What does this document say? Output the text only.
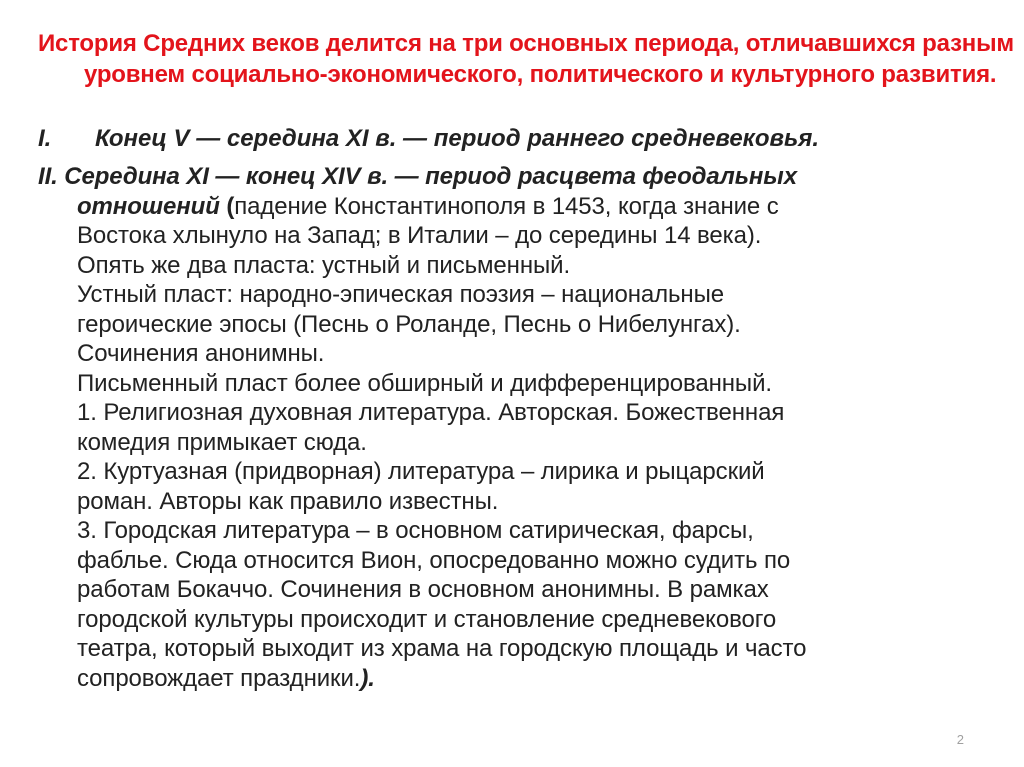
История Средних веков делится на три основных периода, отличавшихся разным уровнем социально-экономического, политического и культурного развития.
I. Конец V — середина XI в. — период раннего средневековья.
II. Середина XI — конец XIV в. — период расцвета феодальных
отношений (падение Константинополя в 1453, когда знание с
Востока хлынуло на Запад; в Италии – до середины 14 века).
Опять же два пласта: устный и письменный.
Устный пласт: народно-эпическая поэзия – национальные
героические эпосы (Песнь о Роланде, Песнь о Нибелунгах).
Сочинения анонимны.
Письменный пласт более обширный и дифференцированный.
1. Религиозная духовная литература. Авторская. Божественная
комедия примыкает сюда.
2. Куртуазная (придворная) литература – лирика и рыцарский
роман. Авторы как правило известны.
3. Городская литература – в основном сатирическая, фарсы,
фаблье. Сюда относится Вион, опосредованно можно судить по
работам Бокаччо. Сочинения в основном анонимны. В рамках
городской культуры происходит и становление средневекового
театра, который выходит из храма на городскую площадь и часто
сопровождает праздники.).
2
